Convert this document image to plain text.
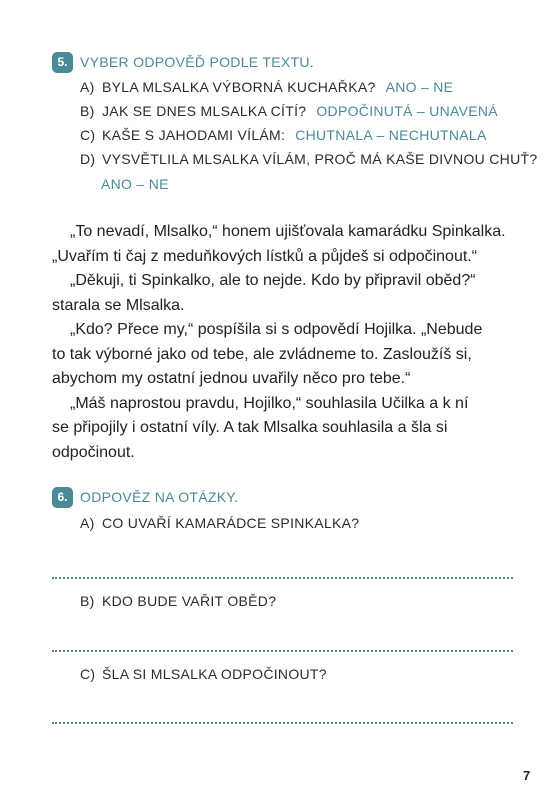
5. VYBER ODPOVĚĎ PODLE TEXTU.
A) BYLA MLSALKA VÝBORNÁ KUCHAŘKA? ANO – NE
B) JAK SE DNES MLSALKA CÍTÍ? ODPOČINUTÁ – UNAVENÁ
C) KAŠE S JAHODAMI VÍLÁM: CHUTNALA – NECHUTNALA
D) VYSVĚTLILA MLSALKA VÍLÁM, PROČ MÁ KAŠE DIVNOU CHUŤ?
ANO – NE

„To nevadí, Mlsalko,“ honem ujišťovala kamarádku Spinkalka.

„Uvařím ti čaj z meduňkových lístků a půjdeš si odpočinout.“

„Děkuji, ti Spinkalko, ale to nejde. Kdo by připravil oběd?“

starala se Mlsalka.

„Kdo? Přece my,“ pospíšila si s odpovědí Hojilka. „Nebude

to tak výborné jako od tebe, ale zvládneme to. Zasloužíš si,

abychom my ostatní jednou uvařily něco pro tebe.“

„Máš naprostou pravdu, Hojilko,“ souhlasila Učilka a k ní

se připojily i ostatní víly. A tak Mlsalka souhlasila a šla si

odpočinout.

6. ODPOVĚZ NA OTÁZKY.
A) CO UVAŘÍ KAMARÁDCE SPINKALKA?
B) KDO BUDE VAŘIT OBĚD?
C) ŠLA SI MLSALKA ODPOČINOUT?
7
